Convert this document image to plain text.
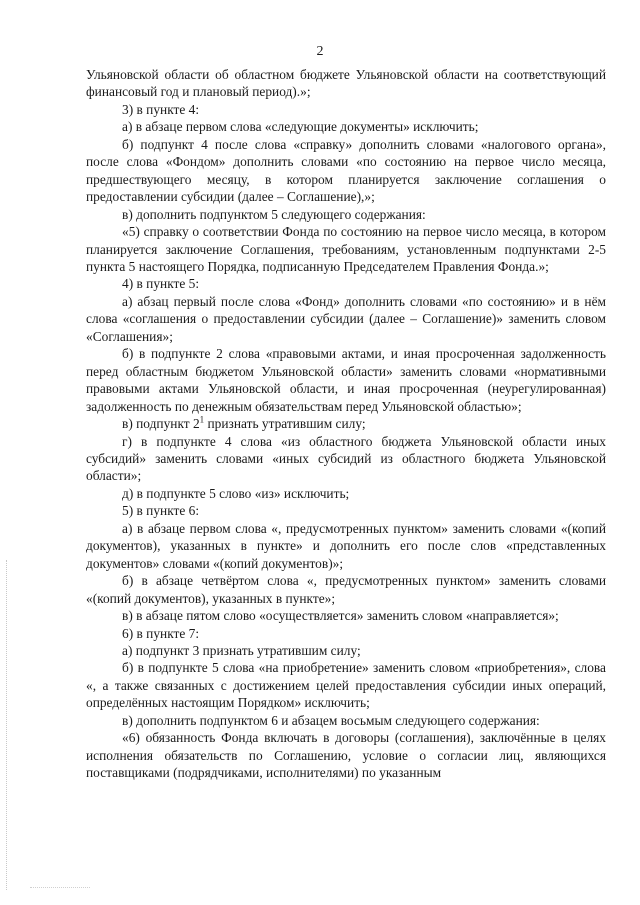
2

Ульяновской области об областном бюджете Ульяновской области на соответствующий финансовый год и плановый период).»;

3) в пункте 4:

а) в абзаце первом слова «следующие документы» исключить;

б) подпункт 4 после слова «справку» дополнить словами «налогового органа», после слова «Фондом» дополнить словами «по состоянию на первое число месяца, предшествующего месяцу, в котором планируется заключение соглашения о предоставлении субсидии (далее – Соглашение),»;

в) дополнить подпунктом 5 следующего содержания:

«5) справку о соответствии Фонда по состоянию на первое число месяца, в котором планируется заключение Соглашения, требованиям, установленным подпунктами 2-5 пункта 5 настоящего Порядка, подписанную Председателем Правления Фонда.»;

4) в пункте 5:

а) абзац первый после слова «Фонд» дополнить словами «по состоянию» и в нём слова «соглашения о предоставлении субсидии (далее – Соглашение)» заменить словом «Соглашения»;

б) в подпункте 2 слова «правовыми актами, и иная просроченная задолженность перед областным бюджетом Ульяновской области» заменить словами «нормативными правовыми актами Ульяновской области, и иная просроченная (неурегулированная) задолженность по денежным обязательствам перед Ульяновской областью»;

в) подпункт $2^1$ признать утратившим силу;

г) в подпункте 4 слова «из областного бюджета Ульяновской области иных субсидий» заменить словами «иных субсидий из областного бюджета Ульяновской области»;

д) в подпункте 5 слово «из» исключить;

5) в пункте 6:

а) в абзаце первом слова «, предусмотренных пунктом» заменить словами «(копий документов), указанных в пункте» и дополнить его после слов «представленных документов» словами «(копий документов)»;

б) в абзаце четвёртом слова «, предусмотренных пунктом» заменить словами «(копий документов), указанных в пункте»;

в) в абзаце пятом слово «осуществляется» заменить словом «направляется»;

6) в пункте 7:

а) подпункт 3 признать утратившим силу;

б) в подпункте 5 слова «на приобретение» заменить словом «приобретения», слова «, а также связанных с достижением целей предоставления субсидии иных операций, определённых настоящим Порядком» исключить;

в) дополнить подпунктом 6 и абзацем восьмым следующего содержания:

«6) обязанность Фонда включать в договоры (соглашения), заключённые в целях исполнения обязательств по Соглашению, условие о согласии лиц, являющихся поставщиками (подрядчиками, исполнителями) по указанным
